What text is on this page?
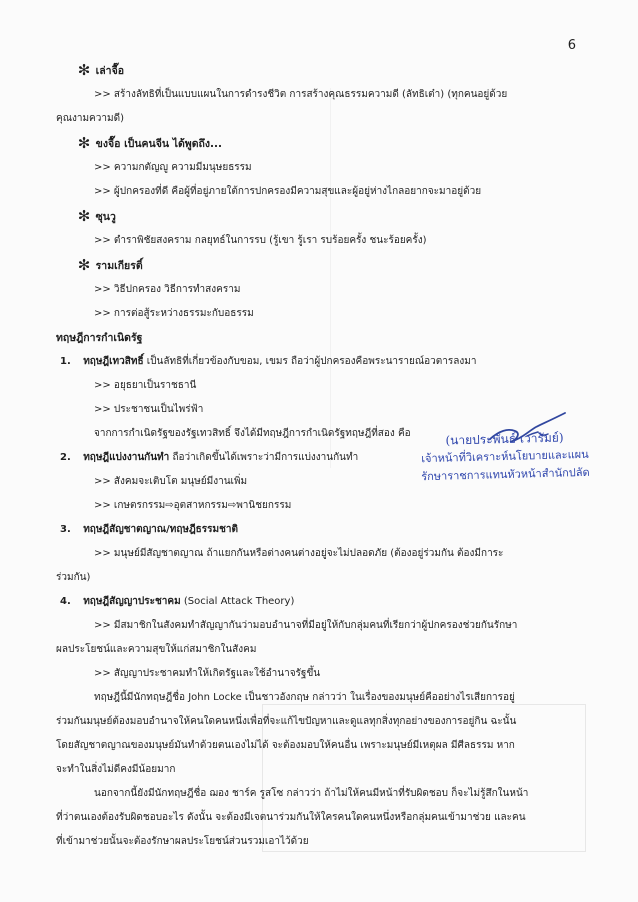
6
✻ เล่าจื๊อ
>> สร้างลัทธิที่เป็นแบบแผนในการดำรงชีวิต การสร้างคุณธรรมความดี (ลัทธิเต๋า) (ทุกคนอยู่ด้วย
คุณงามความดี)
✻ ขงจื๊อ เป็นคนจีน ได้พูดถึง...
>> ความกตัญญู ความมีมนุษยธรรม
>> ผู้ปกครองที่ดี คือผู้ที่อยู่ภายใต้การปกครองมีความสุขและผู้อยู่ห่างไกลอยากจะมาอยู่ด้วย
✻ ซุนวู
>> ตำราพิชัยสงคราม กลยุทธ์ในการรบ (รู้เขา รู้เรา รบร้อยครั้ง ชนะร้อยครั้ง)
✻ รามเกียรติ์
>> วิธีปกครอง วิธีการทำสงคราม
>> การต่อสู้ระหว่างธรรมะกับอธรรม
ทฤษฎีการกำเนิดรัฐ
1. ทฤษฎีเทวสิทธิ์ เป็นลัทธิที่เกี่ยวข้องกับขอม, เขมร ถือว่าผู้ปกครองคือพระนารายณ์อวตารลงมา
>> อยุธยาเป็นราชธานี
>> ประชาชนเป็นไพร่ฟ้า
จากการกำเนิดรัฐของรัฐเทวสิทธิ์ จึงได้มีทฤษฎีการกำเนิดรัฐทฤษฎีที่สอง คือ
2. ทฤษฎีแบ่งงานกันทำ ถือว่าเกิดขึ้นได้เพราะว่ามีการแบ่งงานกันทำ
>> สังคมจะเติบโต มนุษย์มีงานเพิ่ม
>> เกษตรกรรม⇨อุตสาหกรรม⇨พานิชยกรรม
3. ทฤษฎีสัญชาตญาณ/ทฤษฎีธรรมชาติ
>> มนุษย์มีสัญชาตญาณ ถ้าแยกกันหรือต่างคนต่างอยู่จะไม่ปลอดภัย (ต้องอยู่ร่วมกัน ต้องมีการะ
ร่วมกัน)
4. ทฤษฎีสัญญาประชาคม (Social Attack Theory)
>> มีสมาชิกในสังคมทำสัญญากันว่ามอบอำนาจที่มีอยู่ให้กับกลุ่มคนที่เรียกว่าผู้ปกครองช่วยกันรักษา
ผลประโยชน์และความสุขให้แก่สมาชิกในสังคม
>> สัญญาประชาคมทำให้เกิดรัฐและใช้อำนาจรัฐขึ้น
ทฤษฎีนี้มีนักทฤษฎีชื่อ John Locke เป็นชาวอังกฤษ กล่าวว่า ในเรื่องของมนุษย์คืออย่างไรเสียการอยู่
ร่วมกันมนุษย์ต้องมอบอำนาจให้คนใดคนหนึ่งเพื่อที่จะแก้ไขปัญหาและดูแลทุกสิ่งทุกอย่างของการอยู่กิน ฉะนั้น
โดยสัญชาตญาณของมนุษย์มันทำด้วยตนเองไม่ได้ จะต้องมอบให้คนอื่น เพราะมนุษย์มีเหตุผล มีศีลธรรม หาก
จะทำในสิ่งไม่ดีคงมีน้อยมาก
นอกจากนี้ยังมีนักทฤษฎีชื่อ ฌอง ชาร์ค รูสโซ กล่าวว่า ถ้าไม่ให้คนมีหน้าที่รับผิดชอบ ก็จะไม่รู้สึกในหน้า
ที่ว่าตนเองต้องรับผิดชอบอะไร ดังนั้น จะต้องมีเจตนาร่วมกันให้ใครคนใดคนหนึ่งหรือกลุ่มคนเข้ามาช่วย และคน
ที่เข้ามาช่วยนั้นจะต้องรักษาผลประโยชน์ส่วนรวมเอาไว้ด้วย
(นายประพันธ์ เวารัมย์)
เจ้าหน้าที่วิเคราะห์นโยบายและแผน
รักษาราชการแทนหัวหน้าสำนักปลัด
